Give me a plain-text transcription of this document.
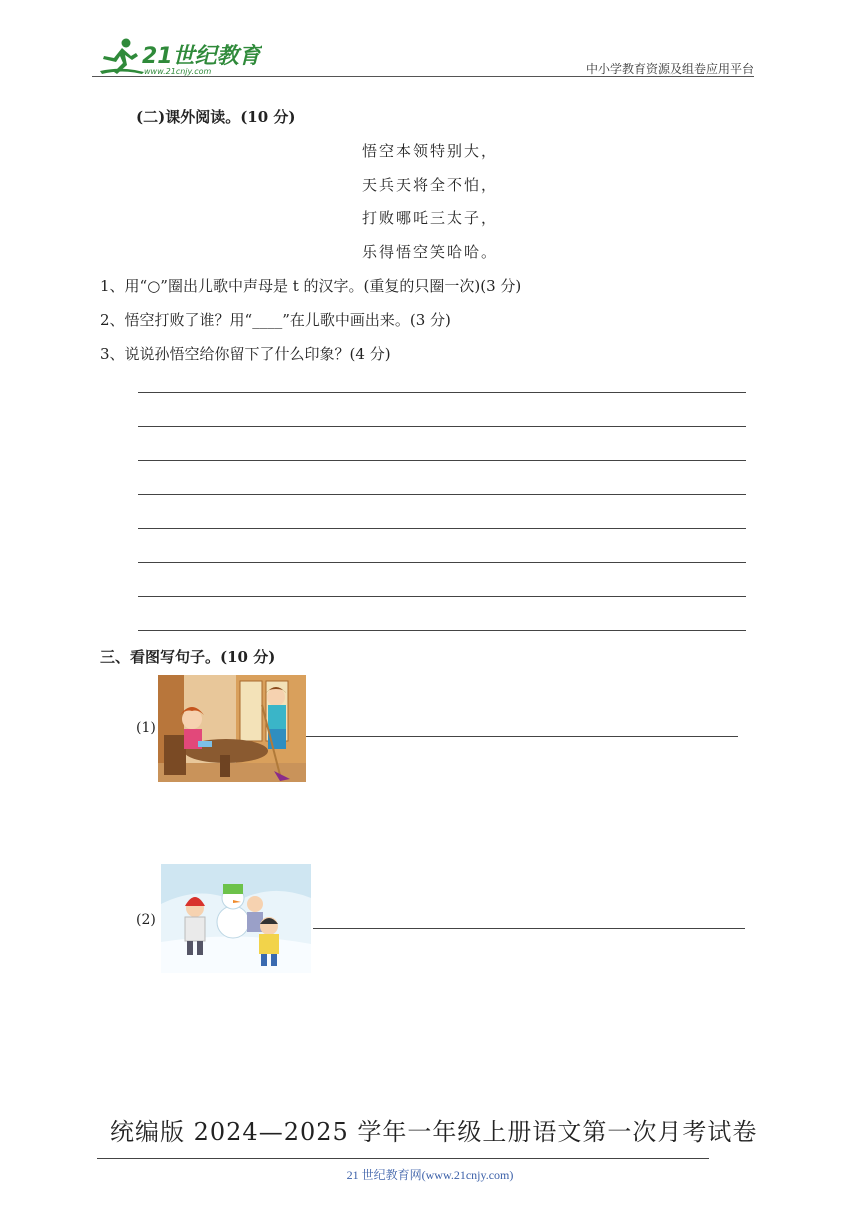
21世纪教育
www.21cnjy.com	中小学教育资源及组卷应用平台
(二)课外阅读。(10 分)
悟空本领特别大，
天兵天将全不怕，
打败哪吒三太子，
乐得悟空笑哈哈。
1、用“○”圈出儿歌中声母是 t 的汉字。(重复的只圈一次)(3 分)
2、悟空打败了谁？用“____”在儿歌中画出来。(3 分)
3、说说孙悟空给你留下了什么印象？(4 分)
三、看图写句子。(10 分)
(1)
(2)
统编版 2024—2025 学年一年级上册语文第一次月考试卷
21 世纪教育网(www.21cnjy.com)
